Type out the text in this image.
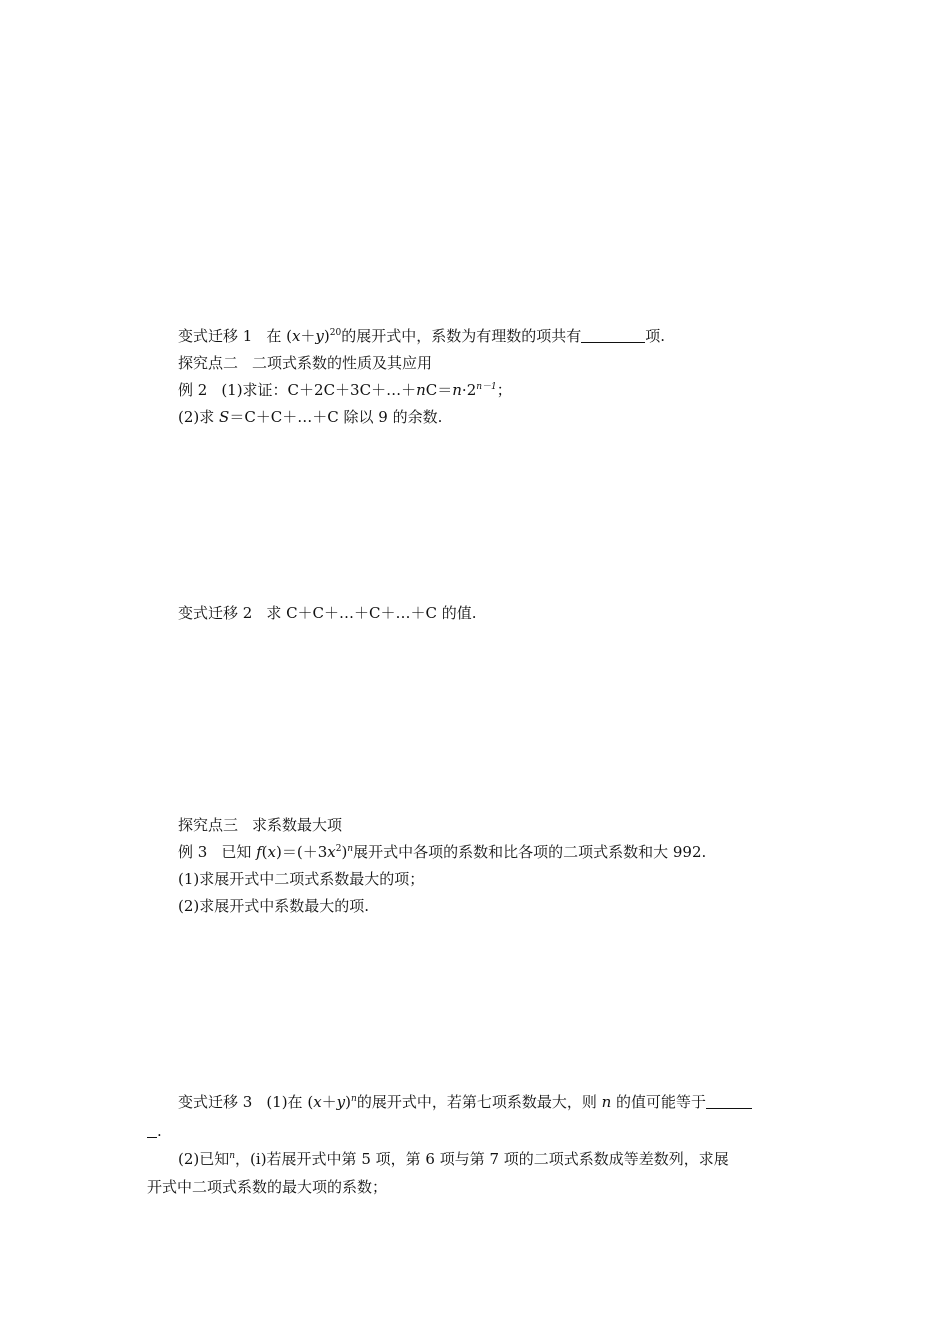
变式迁移 1 在 $(x+y)^{20}$的展开式中，系数为有理数的项共有	项.
探究点二 二项式系数的性质及其应用
例 2 (1)求证：$C+2C+3C+\dots+nC=n\cdot 2^{n-1}$；
(2)求 S＝C＋C＋…＋C 除以 9 的余数.
变式迁移 2 求 C＋C＋…＋C＋…＋C 的值.
探究点三 求系数最大项
例 3 已知 $f(x)=(+3x^2)^n$展开式中各项的系数和比各项的二项式系数和大 992.
(1)求展开式中二项式系数最大的项；
(2)求展开式中系数最大的项.
变式迁移 3 (1)在 $(x+y)^n$的展开式中，若第七项系数最大，则 n 的值可能等于
.
(2)已知$^n$，(ⅰ)若展开式中第 5 项，第 6 项与第 7 项的二项式系数成等差数列，求展
开式中二项式系数的最大项的系数；
